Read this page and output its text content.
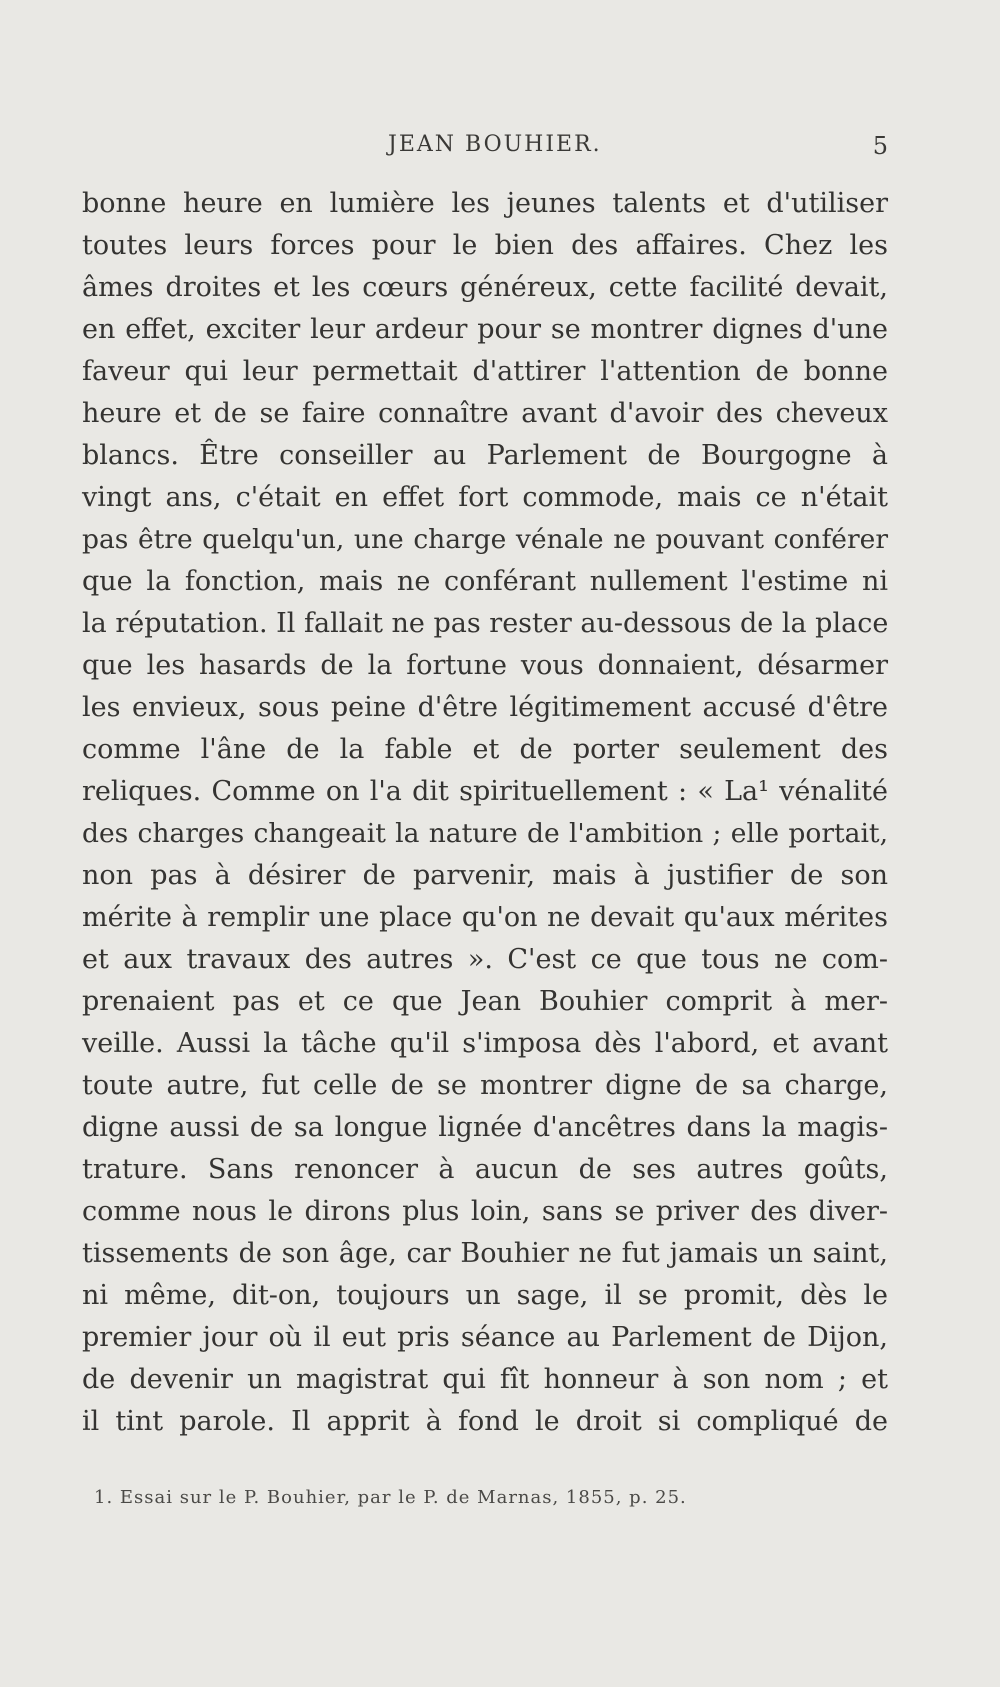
JEAN BOUHIER.	5
bonne heure en lumière les jeunes talents et d'utiliser
toutes leurs forces pour le bien des affaires. Chez les
âmes droites et les cœurs généreux, cette facilité devait,
en effet, exciter leur ardeur pour se montrer dignes d'une
faveur qui leur permettait d'attirer l'attention de bonne
heure et de se faire connaître avant d'avoir des cheveux
blancs. Être conseiller au Parlement de Bourgogne à
vingt ans, c'était en effet fort commode, mais ce n'était
pas être quelqu'un, une charge vénale ne pouvant conférer
que la fonction, mais ne conférant nullement l'estime ni
la réputation. Il fallait ne pas rester au-dessous de la place
que les hasards de la fortune vous donnaient, désarmer
les envieux, sous peine d'être légitimement accusé d'être
comme l'âne de la fable et de porter seulement des
reliques. Comme on l'a dit spirituellement : « La¹ vénalité
des charges changeait la nature de l'ambition ; elle portait,
non pas à désirer de parvenir, mais à justifier de son
mérite à remplir une place qu'on ne devait qu'aux mérites
et aux travaux des autres ». C'est ce que tous ne com-
prenaient pas et ce que Jean Bouhier comprit à mer-
veille. Aussi la tâche qu'il s'imposa dès l'abord, et avant
toute autre, fut celle de se montrer digne de sa charge,
digne aussi de sa longue lignée d'ancêtres dans la magis-
trature. Sans renoncer à aucun de ses autres goûts,
comme nous le dirons plus loin, sans se priver des diver-
tissements de son âge, car Bouhier ne fut jamais un saint,
ni même, dit-on, toujours un sage, il se promit, dès le
premier jour où il eut pris séance au Parlement de Dijon,
de devenir un magistrat qui fît honneur à son nom ; et
il tint parole. Il apprit à fond le droit si compliqué de
1. Essai sur le P. Bouhier, par le P. de Marnas, 1855, p. 25.
